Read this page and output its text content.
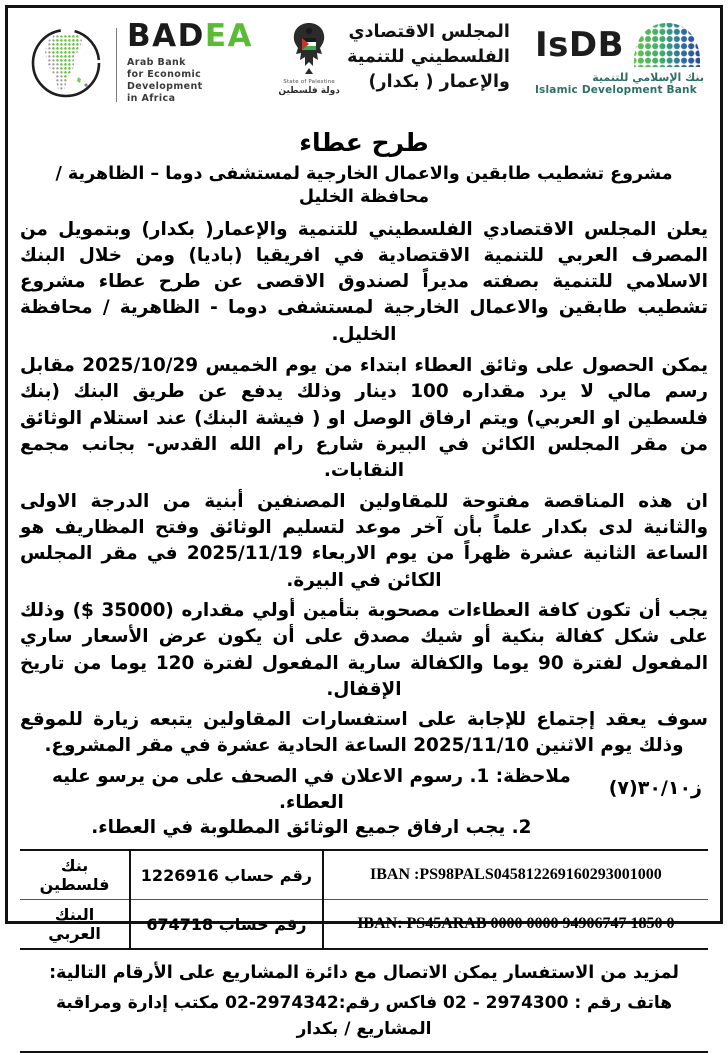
BADEA
Arab Bank
for Economic
Development
in Africa
State of Palestine
دولة فلسطين
المجلس الاقتصادي
الفلسطيني للتنمية
والإعمار ( بكدار)
IsDB
بنك الإسلامي للتنمية
Islamic Development Bank
طرح عطاء
مشروع تشطيب طابقين والاعمال الخارجية لمستشفى دوما – الظاهرية / محافظة الخليل

يعلن المجلس الاقتصادي الفلسطيني للتنمية والإعمار( بكدار) وبتمويل من المصرف العربي للتنمية الاقتصادية في افريقيا (باديا) ومن خلال البنك الاسلامي للتنمية بصفته مديراً لصندوق الاقصى عن طرح عطاء مشروع تشطيب طابقين والاعمال الخارجية لمستشفى دوما - الظاهرية / محافظة الخليل.

يمكن الحصول على وثائق العطاء ابتداء من يوم الخميس 2025/10/29 مقابل رسم مالي لا يرد مقداره 100 دينار وذلك يدفع عن طريق البنك (بنك فلسطين او العربي) ويتم ارفاق الوصل او ( فيشة البنك) عند استلام الوثائق من مقر المجلس الكائن في البيرة شارع رام الله القدس- بجانب مجمع النقابات.

ان هذه المناقصة مفتوحة للمقاولين المصنفين أبنية من الدرجة الاولى والثانية لدى بكدار علماً بأن آخر موعد لتسليم الوثائق وفتح المظاريف هو الساعة الثانية عشرة ظهراً من يوم الاربعاء 2025/11/19 في مقر المجلس الكائن في البيرة.

يجب أن تكون كافة العطاءات مصحوبة بتأمين أولي مقداره (35000 $) وذلك على شكل كفالة بنكية أو شيك مصدق على أن يكون عرض الأسعار ساري المفعول لفترة 90 يوما والكفالة سارية المفعول لفترة 120 يوما من تاريخ الإقفال.

سوف يعقد إجتماع للإجابة على استفسارات المقاولين يتبعه زيارة للموقع وذلك يوم الاثنين 2025/11/10 الساعة الحادية عشرة في مقر المشروع.

ملاحظة: 1. رسوم الاعلان في الصحف على من يرسو عليه العطاء.
2. يجب ارفاق جميع الوثائق المطلوبة في العطاء.
ز٣٠/١٠(٧)
IBAN :PS98PALS045812269160293001000	رقم حساب 1226916	بنك فلسطين
IBAN: PS45ARAB 0000 0000 94906747 1850 0	رقم حساب 674718	البنك العربي
لمزيد من الاستفسار يمكن الاتصال مع دائرة المشاريع على الأرقام التالية:
هاتف رقم : 2974300 - 02 فاكس رقم:2974342-02 مكتب إدارة ومراقبة المشاريع / بكدار
